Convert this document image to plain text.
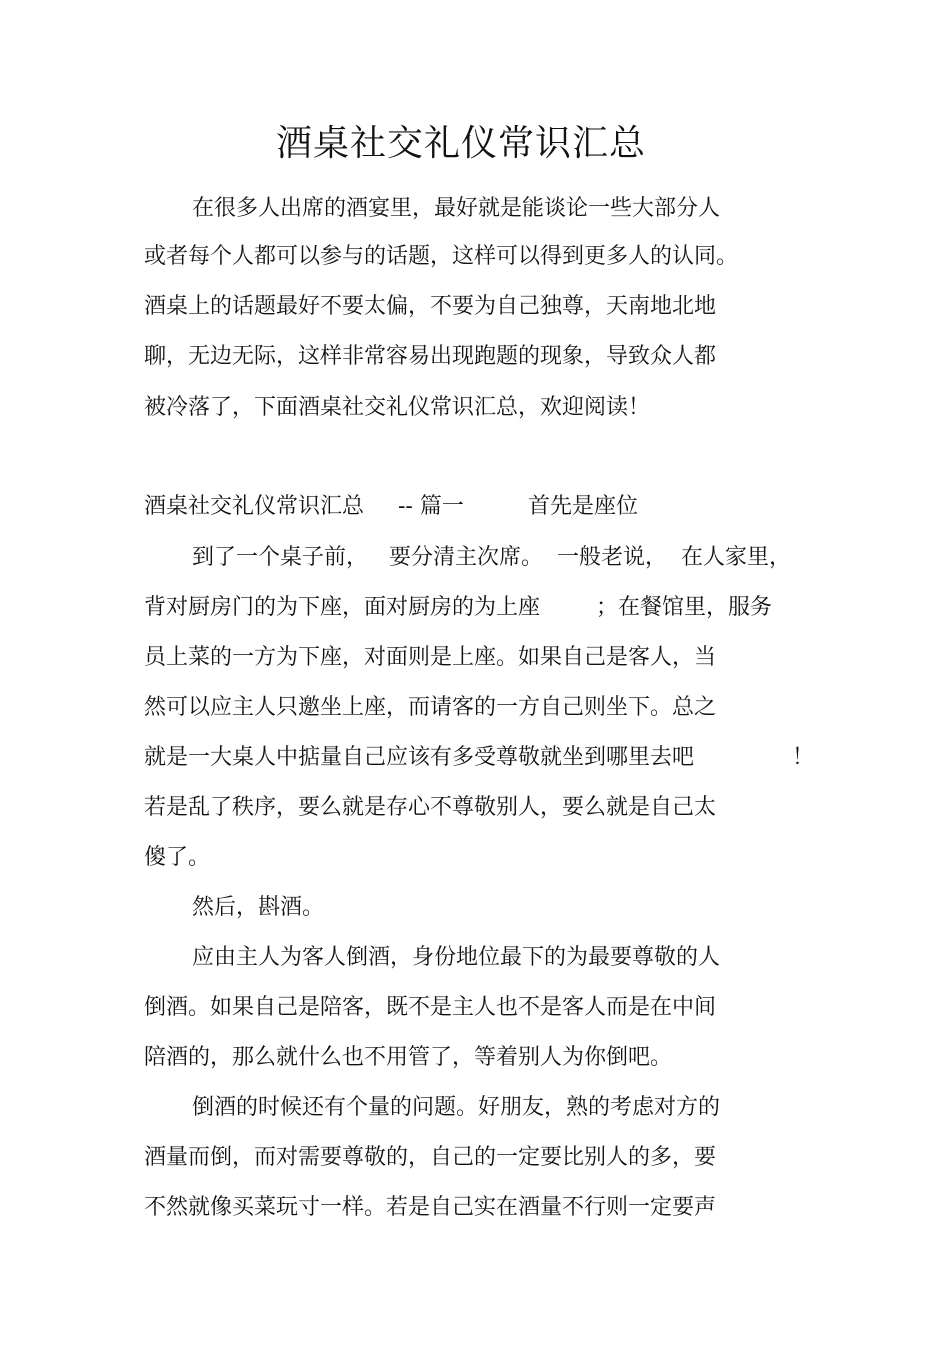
酒桌社交礼仪常识汇总

在很多人出席的酒宴里，最好就是能谈论一些大部分人

或者每个人都可以参与的话题，这样可以得到更多人的认同。

酒桌上的话题最好不要太偏，不要为自己独尊，天南地北地

聊，无边无际，这样非常容易出现跑题的现象，导致众人都

被冷落了，下面酒桌社交礼仪常识汇总，欢迎阅读！

酒桌社交礼仪常识汇总 -- 篇一	首先是座位

到了一个桌子前，   要分清主次席。  一般老说，  在人家里，

背对厨房门的为下座，面对厨房的为上座        ；在餐馆里，服务

员上菜的一方为下座，对面则是上座。如果自己是客人，当

然可以应主人只邀坐上座，而请客的一方自己则坐下。总之

就是一大桌人中掂量自己应该有多受尊敬就坐到哪里去吧	！

若是乱了秩序，要么就是存心不尊敬别人，要么就是自己太

傻了。

然后，斟酒。

应由主人为客人倒酒，身份地位最下的为最要尊敬的人

倒酒。如果自己是陪客，既不是主人也不是客人而是在中间

陪酒的，那么就什么也不用管了，等着别人为你倒吧。

倒酒的时候还有个量的问题。好朋友，熟的考虑对方的

酒量而倒，而对需要尊敬的，自己的一定要比别人的多，要

不然就像买菜玩寸一样。若是自己实在酒量不行则一定要声
